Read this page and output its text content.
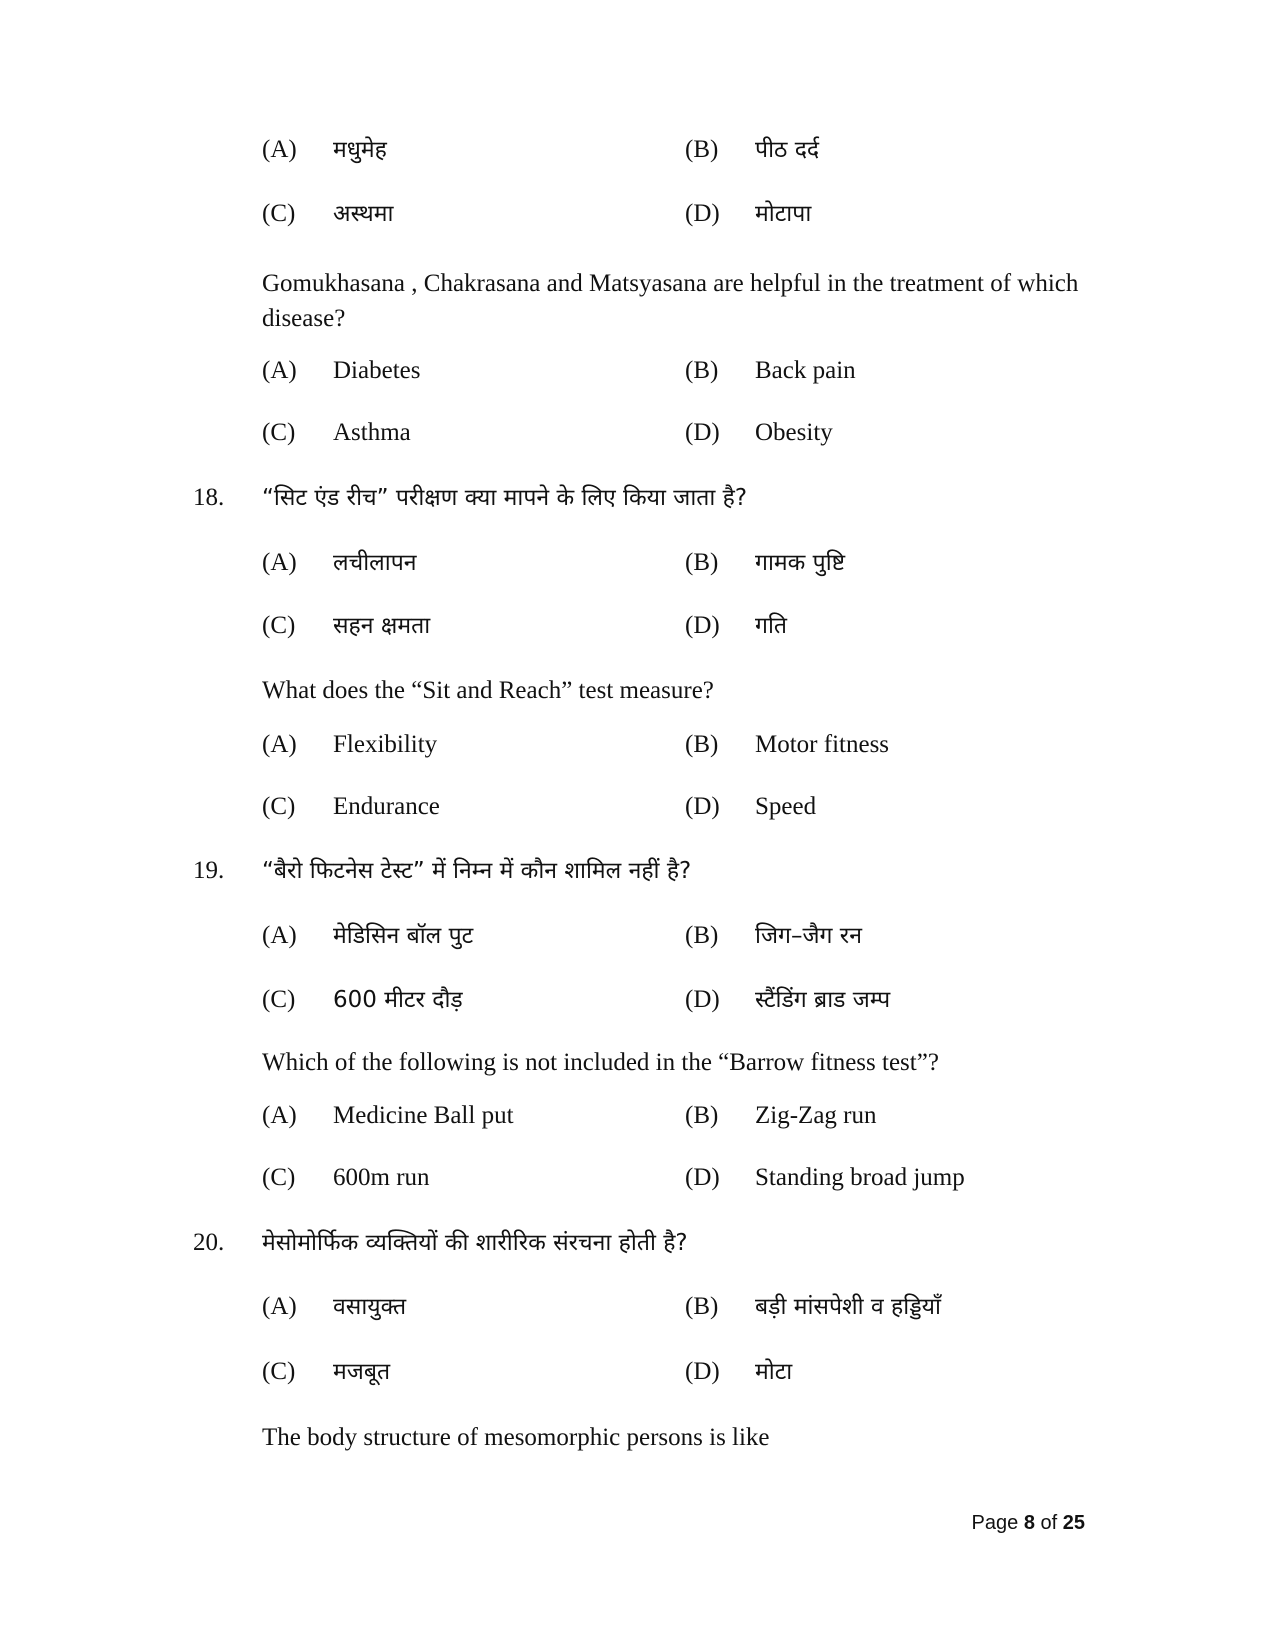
(A)	मधुमेह	(B)	पीठ दर्द
(C)	अस्थमा	(D)	मोटापा
Gomukhasana , Chakrasana and Matsyasana are helpful in the treatment of which disease?
(A)	Diabetes	(B)	Back pain
(C)	Asthma	(D)	Obesity
18. “सिट एंड रीच” परीक्षण क्या मापने के लिए किया जाता है?
(A)	लचीलापन	(B)	गामक पुष्टि
(C)	सहन क्षमता	(D)	गति
What does the “Sit and Reach” test measure?
(A)	Flexibility	(B)	Motor fitness
(C)	Endurance	(D)	Speed
19. “बैरो फिटनेस टेस्ट” में निम्न में कौन शामिल नहीं है?
(A)	मेडिसिन बॉल पुट	(B)	जिग–जैग रन
(C)	600 मीटर दौड़	(D)	स्टैंडिंग ब्राड जम्प
Which of the following is not included in the “Barrow fitness test”?
(A)	Medicine Ball put	(B)	Zig-Zag run
(C)	600m run	(D)	Standing broad jump
20. मेसोमोर्फिक व्यक्तियों की शारीरिक संरचना होती है?
(A)	वसायुक्त	(B)	बड़ी मांसपेशी व हड्डियाँ
(C)	मजबूत	(D)	मोटा
The body structure of mesomorphic persons is like
Page 8 of 25
